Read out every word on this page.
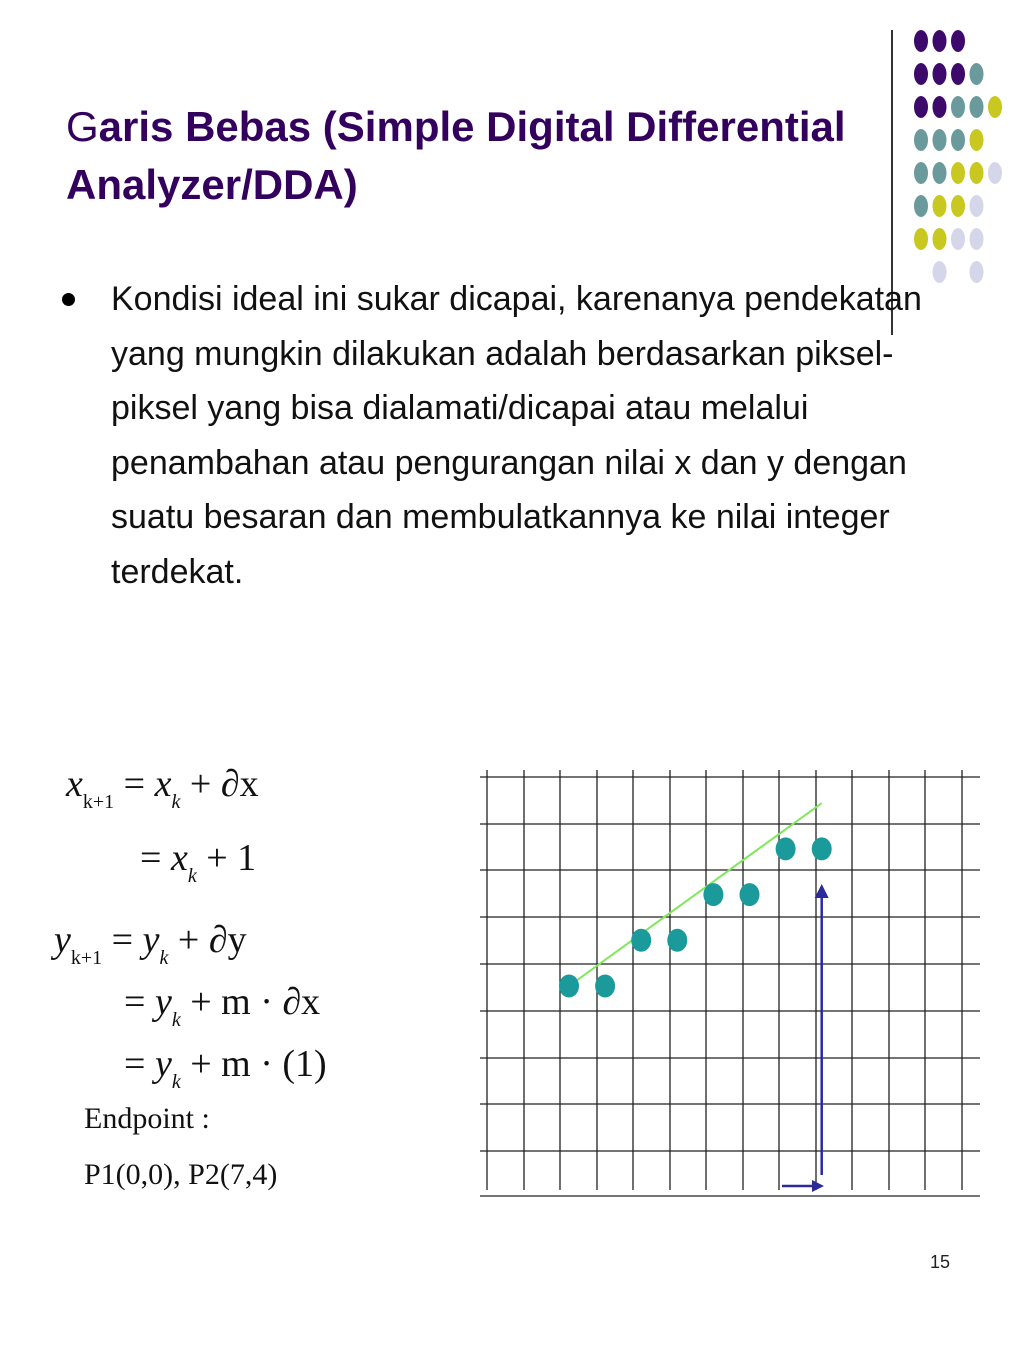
Garis Bebas (Simple Digital Differential Analyzer/DDA)

Kondisi ideal ini sukar dicapai, karenanya pendekatan yang mungkin dilakukan adalah berdasarkan piksel-piksel yang bisa dialamati/dicapai atau melalui penambahan atau pengurangan nilai x dan y dengan suatu besaran dan membulatkannya ke nilai integer terdekat.

$x_{k+1} = x_k + \partial x$
= $x_k + 1$
$y_{k+1} = y_k + \partial y$
= $y_k + m \cdot \partial x$
= $y_k + m \cdot (1)$
Endpoint :
P1(0,0), P2(7,4)
15
